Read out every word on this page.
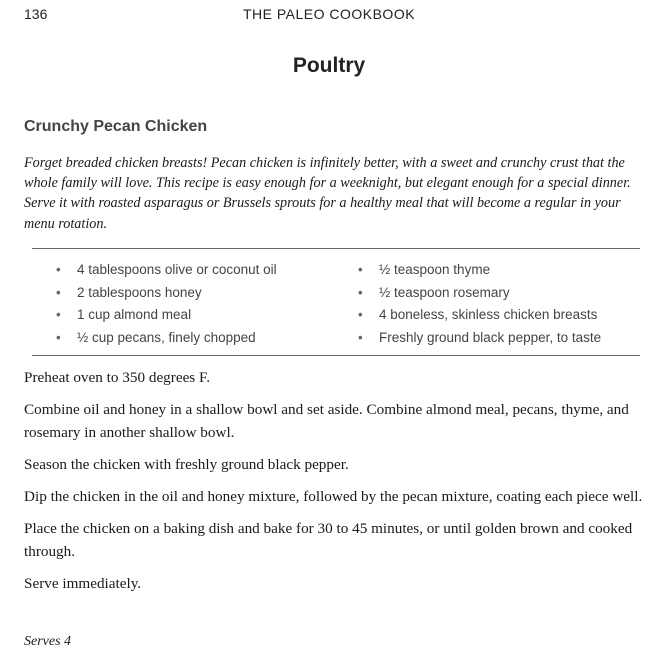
136	THE PALEO COOKBOOK
Poultry
Crunchy Pecan Chicken
Forget breaded chicken breasts! Pecan chicken is infinitely better, with a sweet and crunchy crust that the whole family will love. This recipe is easy enough for a weeknight, but elegant enough for a special dinner. Serve it with roasted asparagus or Brussels sprouts for a healthy meal that will become a regular in your menu rotation.
• 4 tablespoons olive or coconut oil
• 2 tablespoons honey
• 1 cup almond meal
• ½ cup pecans, finely chopped
• ½ teaspoon thyme
• ½ teaspoon rosemary
• 4 boneless, skinless chicken breasts
• Freshly ground black pepper, to taste

Preheat oven to 350 degrees F.

Combine oil and honey in a shallow bowl and set aside. Combine almond meal, pecans, thyme, and rosemary in another shallow bowl.

Season the chicken with freshly ground black pepper.

Dip the chicken in the oil and honey mixture, followed by the pecan mixture, coating each piece well.

Place the chicken on a baking dish and bake for 30 to 45 minutes, or until golden brown and cooked through.

Serve immediately.

Serves 4
